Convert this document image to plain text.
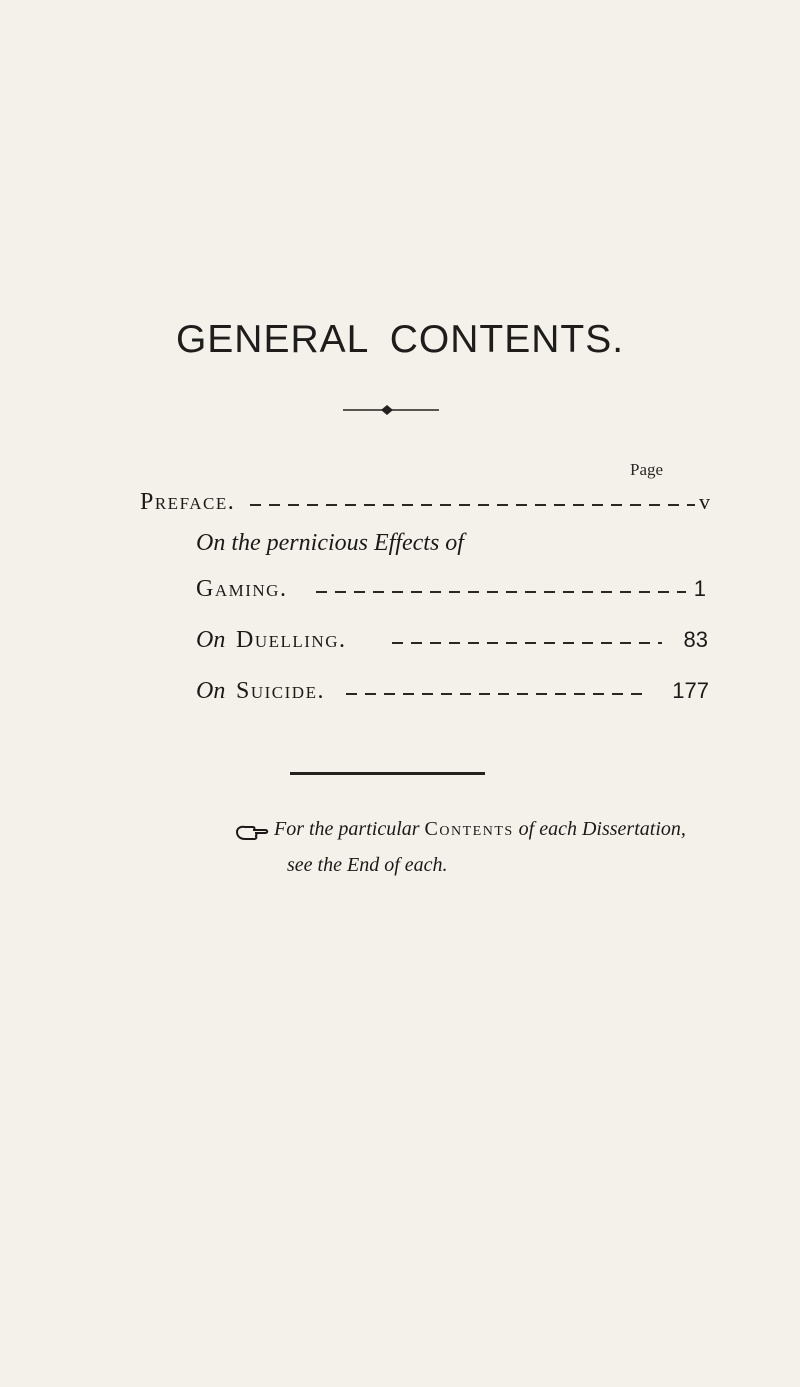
GENERAL CONTENTS.
Page
Preface.	v
On the pernicious Effects of
Gaming.	1
On Duelling.	83
On Suicide.	177
For the particular Contents of each Dissertation,
see the End of each.
